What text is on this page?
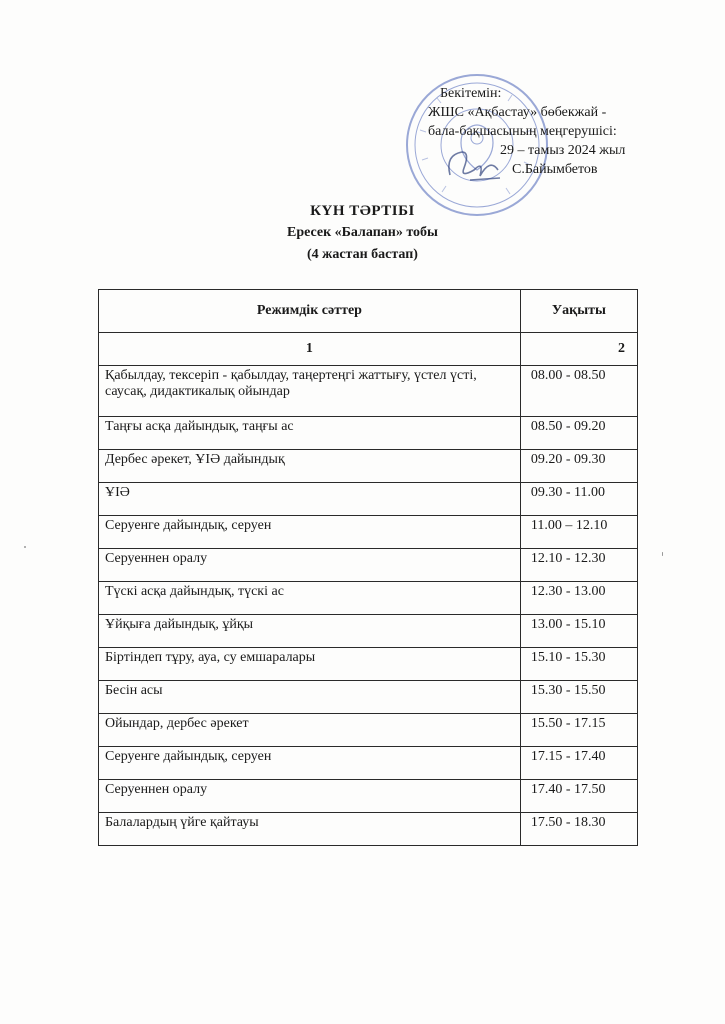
Бекітемін:
ЖШС «Ақбастау» бөбекжай -
бала-бақшасының меңгерушісі:
29 – тамыз 2024 жыл
С.Байымбетов
КҮН ТӘРТІБІ
Ересек «Балапан» тобы
(4 жастан бастап)
Режимдік сәттер	Уақыты
1	2
Қабылдау, тексеріп - қабылдау, таңертеңгі жаттығу, үстел үсті, саусақ, дидактикалық ойындар	08.00 - 08.50
Таңғы асқа дайындық, таңғы ас	08.50 - 09.20
Дербес әрекет, ҰІӘ дайындық	09.20 - 09.30
ҰІӘ	09.30 - 11.00
Серуенге дайындық, серуен	11.00 – 12.10
Серуеннен оралу	12.10 - 12.30
Түскі асқа дайындық, түскі ас	12.30 - 13.00
Ұйқыға дайындық, ұйқы	13.00 - 15.10
Біртіндеп тұру, ауа, су емшаралары	15.10 - 15.30
Бесін асы	15.30 - 15.50
Ойындар, дербес әрекет	15.50 - 17.15
Серуенге дайындық, серуен	17.15 - 17.40
Серуеннен оралу	17.40 - 17.50
Балалардың үйге қайтауы	17.50 - 18.30
